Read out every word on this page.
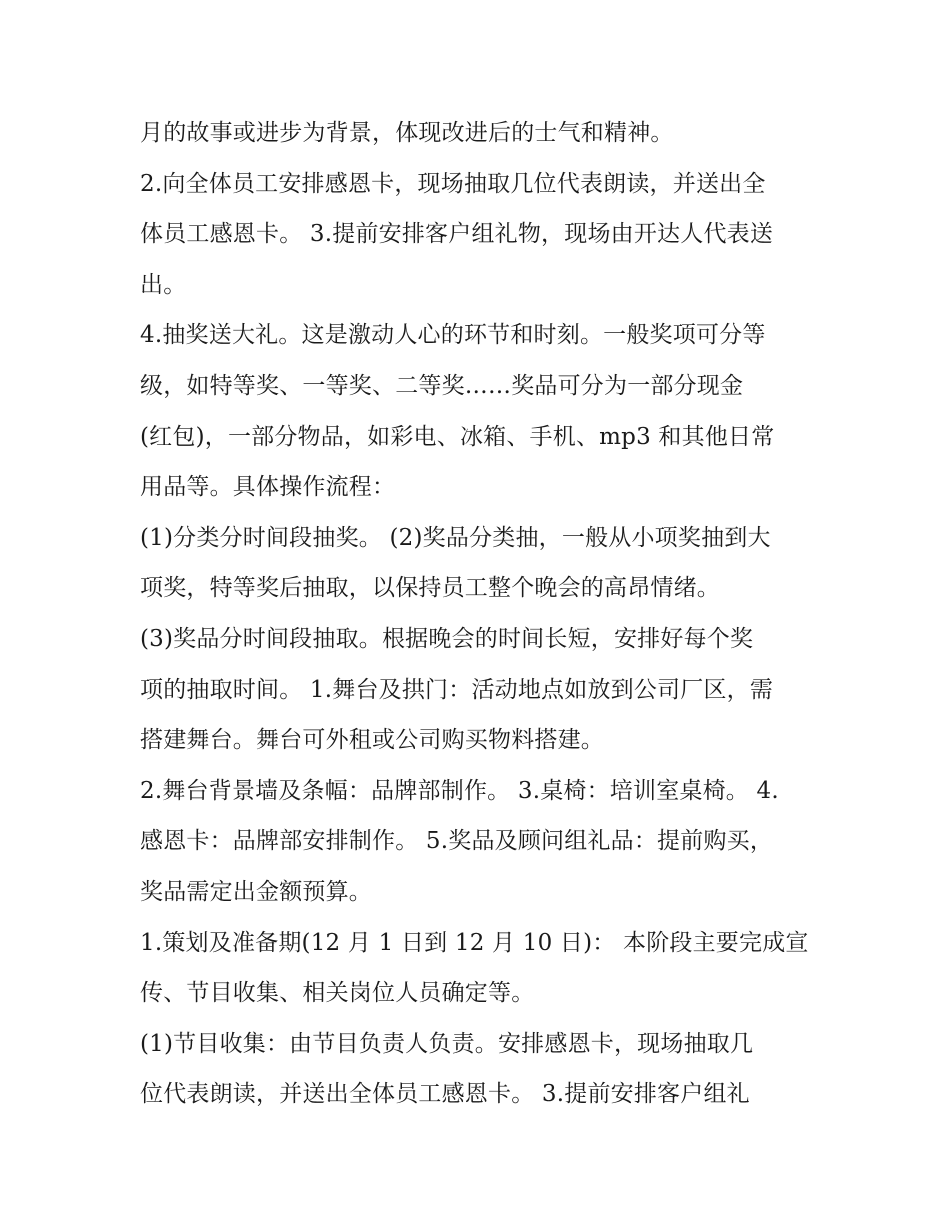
月的故事或进步为背景，体现改进后的士气和精神。
2.向全体员工安排感恩卡，现场抽取几位代表朗读，并送出全
体员工感恩卡。 3.提前安排客户组礼物，现场由开达人代表送
出。
4.抽奖送大礼。这是激动人心的环节和时刻。一般奖项可分等
级，如特等奖、一等奖、二等奖……奖品可分为一部分现金
(红包)，一部分物品，如彩电、冰箱、手机、mp3 和其他日常
用品等。具体操作流程：
(1)分类分时间段抽奖。 (2)奖品分类抽，一般从小项奖抽到大
项奖，特等奖后抽取，以保持员工整个晚会的高昂情绪。
(3)奖品分时间段抽取。根据晚会的时间长短，安排好每个奖
项的抽取时间。 1.舞台及拱门：活动地点如放到公司厂区，需
搭建舞台。舞台可外租或公司购买物料搭建。
2.舞台背景墙及条幅：品牌部制作。 3.桌椅：培训室桌椅。 4.
感恩卡：品牌部安排制作。 5.奖品及顾问组礼品：提前购买，
奖品需定出金额预算。
1.策划及准备期(12 月 1 日到 12 月 10 日)： 本阶段主要完成宣
传、节目收集、相关岗位人员确定等。
(1)节目收集：由节目负责人负责。安排感恩卡，现场抽取几
位代表朗读，并送出全体员工感恩卡。 3.提前安排客户组礼
